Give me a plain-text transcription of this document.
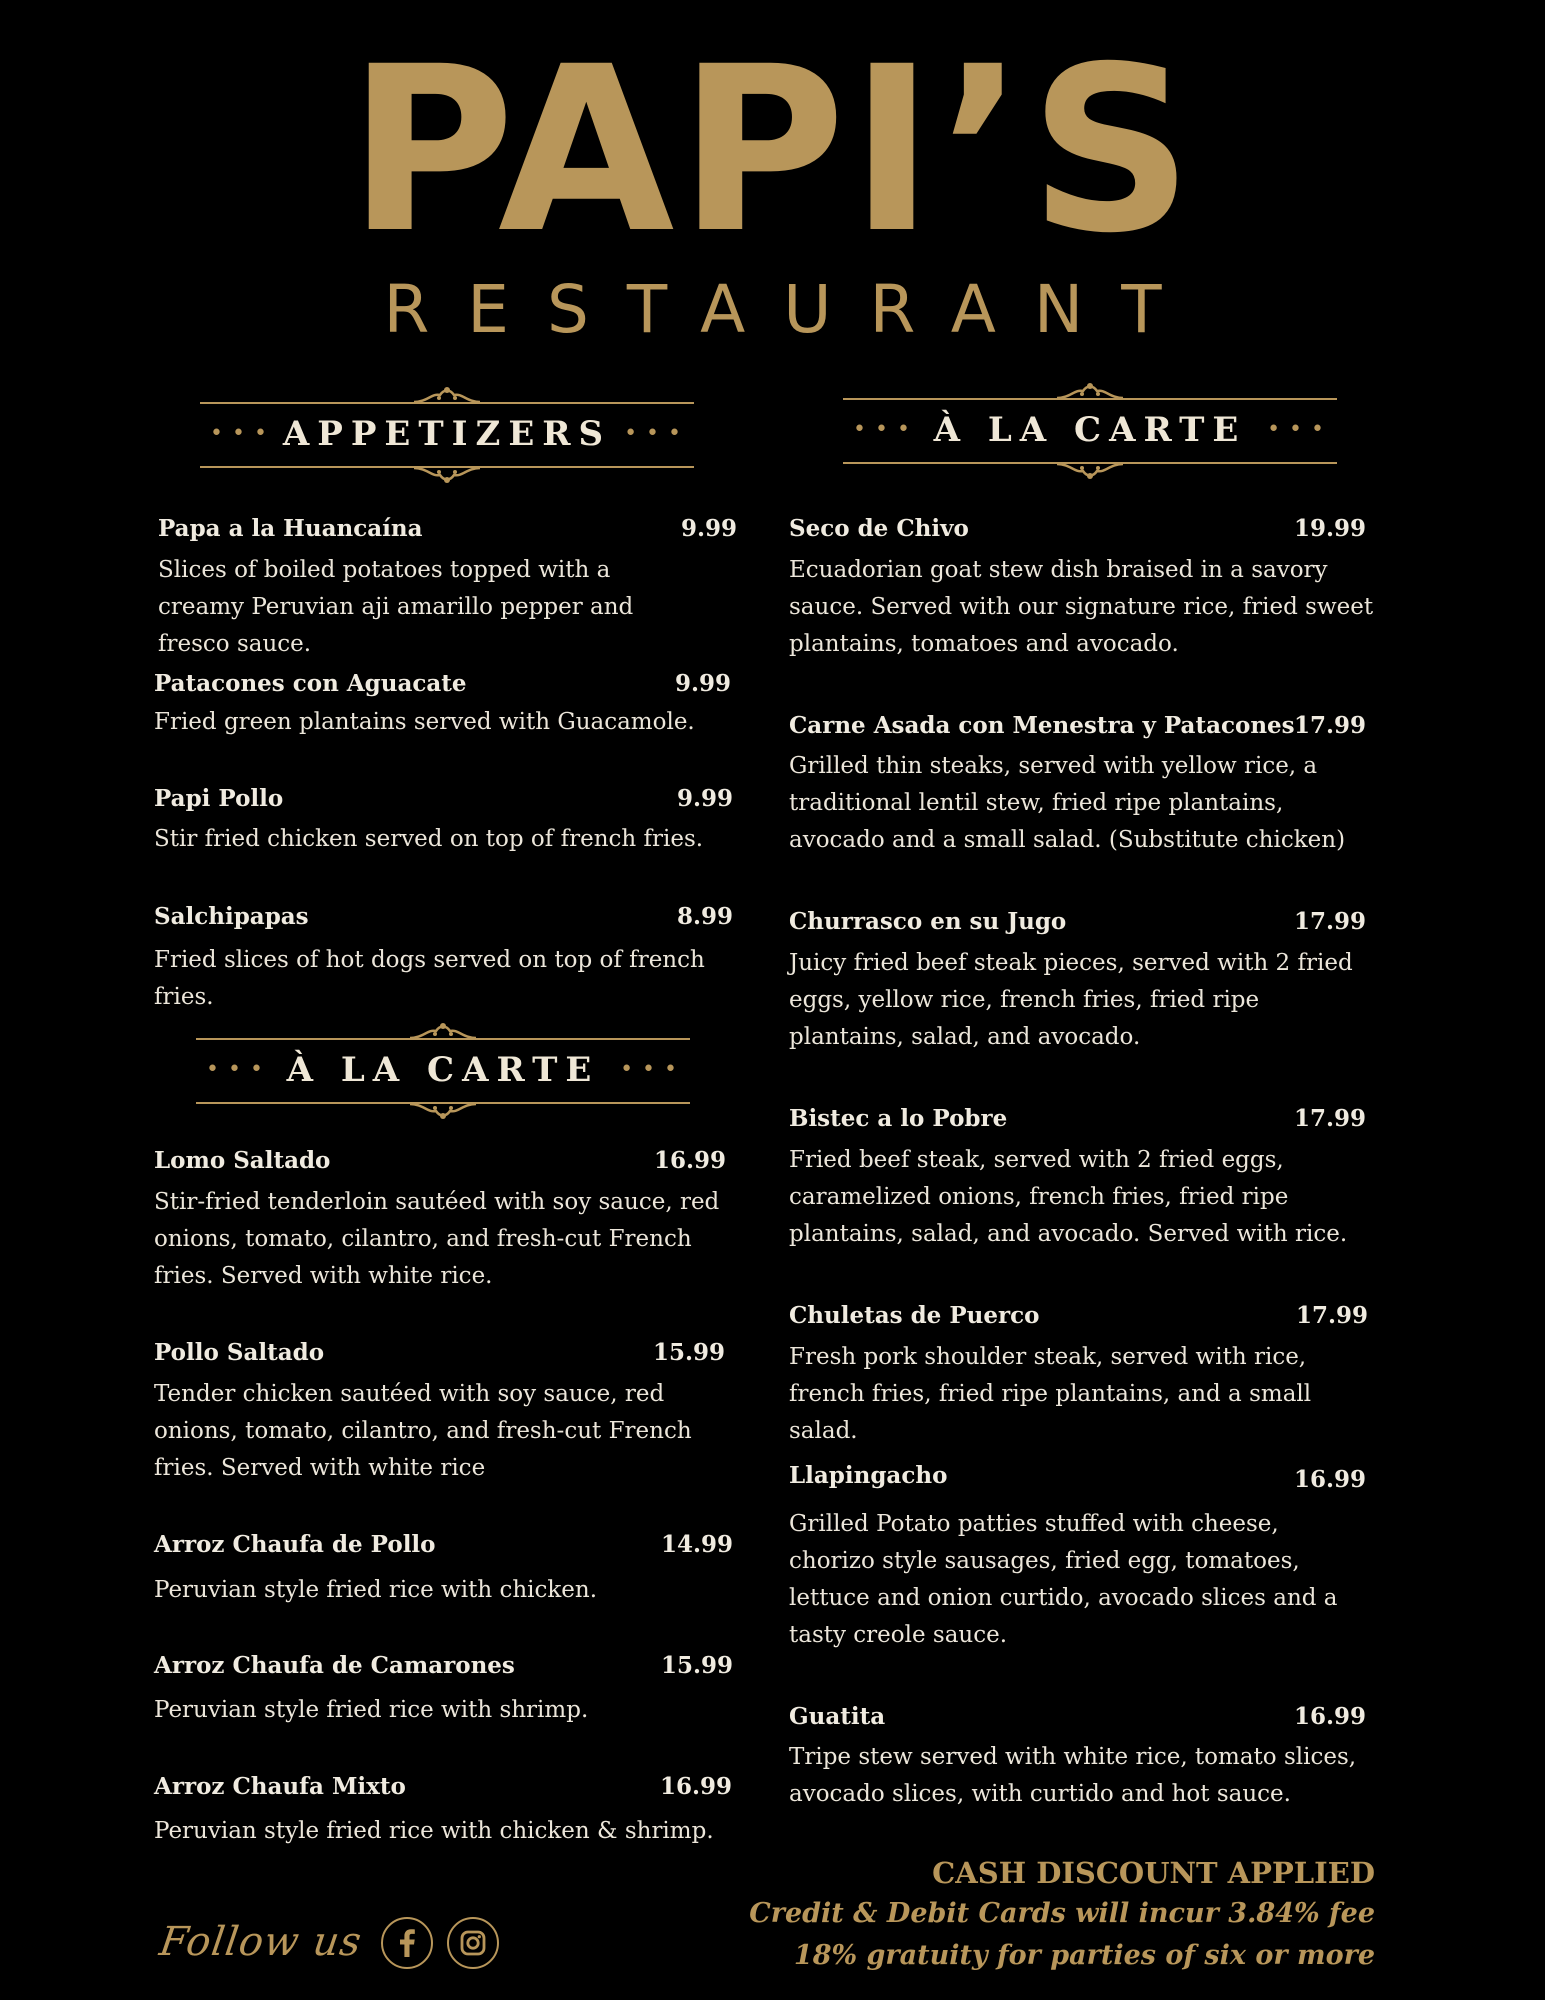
PAPI’S
RESTAURANT
••• APPETIZERS •••
••• À LA CARTE •••
••• À LA CARTE •••
Papa a la Huancaína	9.99
Slices of boiled potatoes topped with a creamy Peruvian aji amarillo pepper and fresco sauce.
Patacones con Aguacate	9.99
Fried green plantains served with Guacamole.
Papi Pollo	9.99
Stir fried chicken served on top of french fries.
Salchipapas	8.99
Fried slices of hot dogs served on top of french fries.
Lomo Saltado	16.99
Stir-fried tenderloin sautéed with soy sauce, red onions, tomato, cilantro, and fresh-cut French fries. Served with white rice.
Pollo Saltado	15.99
Tender chicken sautéed with soy sauce, red onions, tomato, cilantro, and fresh-cut French fries. Served with white rice
Arroz Chaufa de Pollo	14.99
Peruvian style fried rice with chicken.
Arroz Chaufa de Camarones	15.99
Peruvian style fried rice with shrimp.
Arroz Chaufa Mixto	16.99
Peruvian style fried rice with chicken & shrimp.
Seco de Chivo	19.99
Ecuadorian goat stew dish braised in a savory sauce. Served with our signature rice, fried sweet plantains, tomatoes and avocado.
Carne Asada con Menestra y Patacones 17.99
Grilled thin steaks, served with yellow rice, a traditional lentil stew, fried ripe plantains, avocado and a small salad. (Substitute chicken)
Churrasco en su Jugo	17.99
Juicy fried beef steak pieces, served with 2 fried eggs, yellow rice, french fries, fried ripe plantains, salad, and avocado.
Bistec a lo Pobre	17.99
Fried beef steak, served with 2 fried eggs, caramelized onions, french fries, fried ripe plantains, salad, and avocado. Served with rice.
Chuletas de Puerco	17.99
Fresh pork shoulder steak, served with rice, french fries, fried ripe plantains, and a small salad.
Llapingacho	16.99
Grilled Potato patties stuffed with cheese, chorizo style sausages, fried egg, tomatoes, lettuce and onion curtido, avocado slices and a tasty creole sauce.
Guatita	16.99
Tripe stew served with white rice, tomato slices, avocado slices, with curtido and hot sauce.
CASH DISCOUNT APPLIED
Credit & Debit Cards will incur 3.84% fee
18% gratuity for parties of six or more
Follow us
